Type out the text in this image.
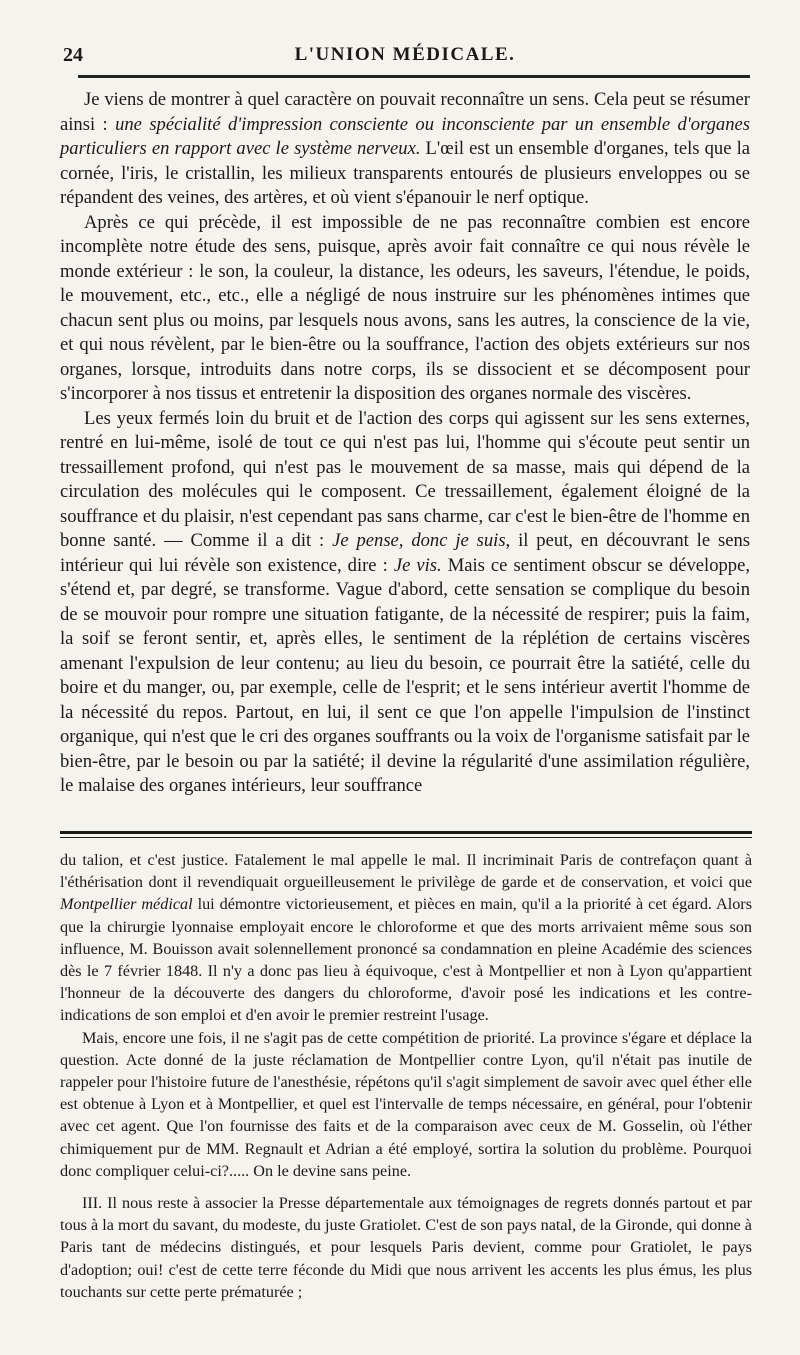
24	L'UNION MÉDICALE.

Je viens de montrer à quel caractère on pouvait reconnaître un sens. Cela peut se résumer ainsi : une spécialité d'impression consciente ou inconsciente par un ensemble d'organes particuliers en rapport avec le système nerveux. L'œil est un ensemble d'organes, tels que la cornée, l'iris, le cristallin, les milieux transparents entourés de plusieurs enveloppes ou se répandent des veines, des artères, et où vient s'épanouir le nerf optique.

Après ce qui précède, il est impossible de ne pas reconnaître combien est encore incomplète notre étude des sens, puisque, après avoir fait connaître ce qui nous révèle le monde extérieur : le son, la couleur, la distance, les odeurs, les saveurs, l'étendue, le poids, le mouvement, etc., etc., elle a négligé de nous instruire sur les phénomènes intimes que chacun sent plus ou moins, par lesquels nous avons, sans les autres, la conscience de la vie, et qui nous révèlent, par le bien-être ou la souffrance, l'action des objets extérieurs sur nos organes, lorsque, introduits dans notre corps, ils se dissocient et se décomposent pour s'incorporer à nos tissus et entretenir la disposition des organes normale des viscères.

Les yeux fermés loin du bruit et de l'action des corps qui agissent sur les sens externes, rentré en lui-même, isolé de tout ce qui n'est pas lui, l'homme qui s'écoute peut sentir un tressaillement profond, qui n'est pas le mouvement de sa masse, mais qui dépend de la circulation des molécules qui le composent. Ce tressaillement, également éloigné de la souffrance et du plaisir, n'est cependant pas sans charme, car c'est le bien-être de l'homme en bonne santé. — Comme il a dit : Je pense, donc je suis, il peut, en découvrant le sens intérieur qui lui révèle son existence, dire : Je vis. Mais ce sentiment obscur se développe, s'étend et, par degré, se transforme. Vague d'abord, cette sensation se complique du besoin de se mouvoir pour rompre une situation fatigante, de la nécessité de respirer; puis la faim, la soif se feront sentir, et, après elles, le sentiment de la réplétion de certains viscères amenant l'expulsion de leur contenu; au lieu du besoin, ce pourrait être la satiété, celle du boire et du manger, ou, par exemple, celle de l'esprit; et le sens intérieur avertit l'homme de la nécessité du repos. Partout, en lui, il sent ce que l'on appelle l'impulsion de l'instinct organique, qui n'est que le cri des organes souffrants ou la voix de l'organisme satisfait par le bien-être, par le besoin ou par la satiété; il devine la régularité d'une assimilation régulière, le malaise des organes intérieurs, leur souffrance

du talion, et c'est justice. Fatalement le mal appelle le mal. Il incriminait Paris de contrefaçon quant à l'éthérisation dont il revendiquait orgueilleusement le privilège de garde et de conservation, et voici que Montpellier médical lui démontre victorieusement, et pièces en main, qu'il a la priorité à cet égard. Alors que la chirurgie lyonnaise employait encore le chloroforme et que des morts arrivaient même sous son influence, M. Bouisson avait solennellement prononcé sa condamnation en pleine Académie des sciences dès le 7 février 1848. Il n'y a donc pas lieu à équivoque, c'est à Montpellier et non à Lyon qu'appartient l'honneur de la découverte des dangers du chloroforme, d'avoir posé les indications et les contre-indications de son emploi et d'en avoir le premier restreint l'usage.

Mais, encore une fois, il ne s'agit pas de cette compétition de priorité. La province s'égare et déplace la question. Acte donné de la juste réclamation de Montpellier contre Lyon, qu'il n'était pas inutile de rappeler pour l'histoire future de l'anesthésie, répétons qu'il s'agit simplement de savoir avec quel éther elle est obtenue à Lyon et à Montpellier, et quel est l'intervalle de temps nécessaire, en général, pour l'obtenir avec cet agent. Que l'on fournisse des faits et de la comparaison avec ceux de M. Gosselin, où l'éther chimiquement pur de MM. Regnault et Adrian a été employé, sortira la solution du problème. Pourquoi donc compliquer celui-ci?..... On le devine sans peine.

III. Il nous reste à associer la Presse départementale aux témoignages de regrets donnés partout et par tous à la mort du savant, du modeste, du juste Gratiolet. C'est de son pays natal, de la Gironde, qui donne à Paris tant de médecins distingués, et pour lesquels Paris devient, comme pour Gratiolet, le pays d'adoption; oui! c'est de cette terre féconde du Midi que nous arrivent les accents les plus émus, les plus touchants sur cette perte prématurée ;
